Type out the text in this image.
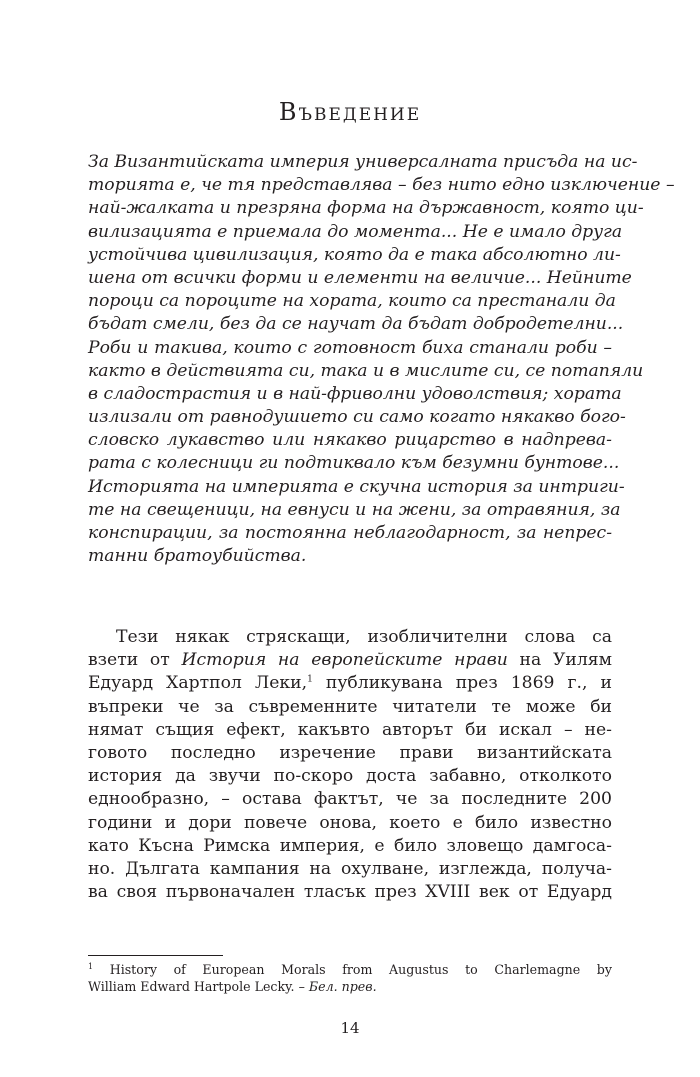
Въведение
За Византийската империя универсалната присъда на ис-
торията е, че тя представлява – без нито едно изключение –
най-жалката и презряна форма на държавност, която ци-
вилизацията е приемала до момента... Не е имало друга
устойчива цивилизация, която да е така абсолютно ли-
шена от всички форми и елементи на величие... Нейните
пороци са пороците на хората, които са престанали да
бъдат смели, без да се научат да бъдат добродетелни...
Роби и такива, които с готовност биха станали роби –
както в действията си, така и в мислите си, се потапяли
в сладострастия и в най-фриволни удоволствия; хората
излизали от равнодушието си само когато някакво бого-
словско лукавство или някакво рицарство в надпрева-
рата с колесници ги подтиквало към безумни бунтове...
Историята на империята е скучна история за интриги-
те на свещеници, на евнуси и на жени, за отравяния, за
конспирации, за постоянна неблагодарност, за непрес-
танни братоубийства.
Тези някак стряскащи, изобличителни слова са
взети от История на европейските нрави на Уилям
Едуард Хартпол Леки,$^1$ публикувана през 1869 г., и
въпреки че за съвременните читатели те може би
нямат същия ефект, какъвто авторът би искал – не-
говото последно изречение прави византийската
история да звучи по-скоро доста забавно, отколкото
еднообразно, – остава фактът, че за последните 200
години и дори повече онова, което е било известно
като Късна Римска империя, е било зловещо дамгоса-
но. Дългата кампания на охулване, изглежда, получа-
ва своя първоначален тласък през XVIII век от Едуард
$^1$ History of European Morals from Augustus to Charlemagne by
William Edward Hartpole Lecky. – Бел. прев.
14
